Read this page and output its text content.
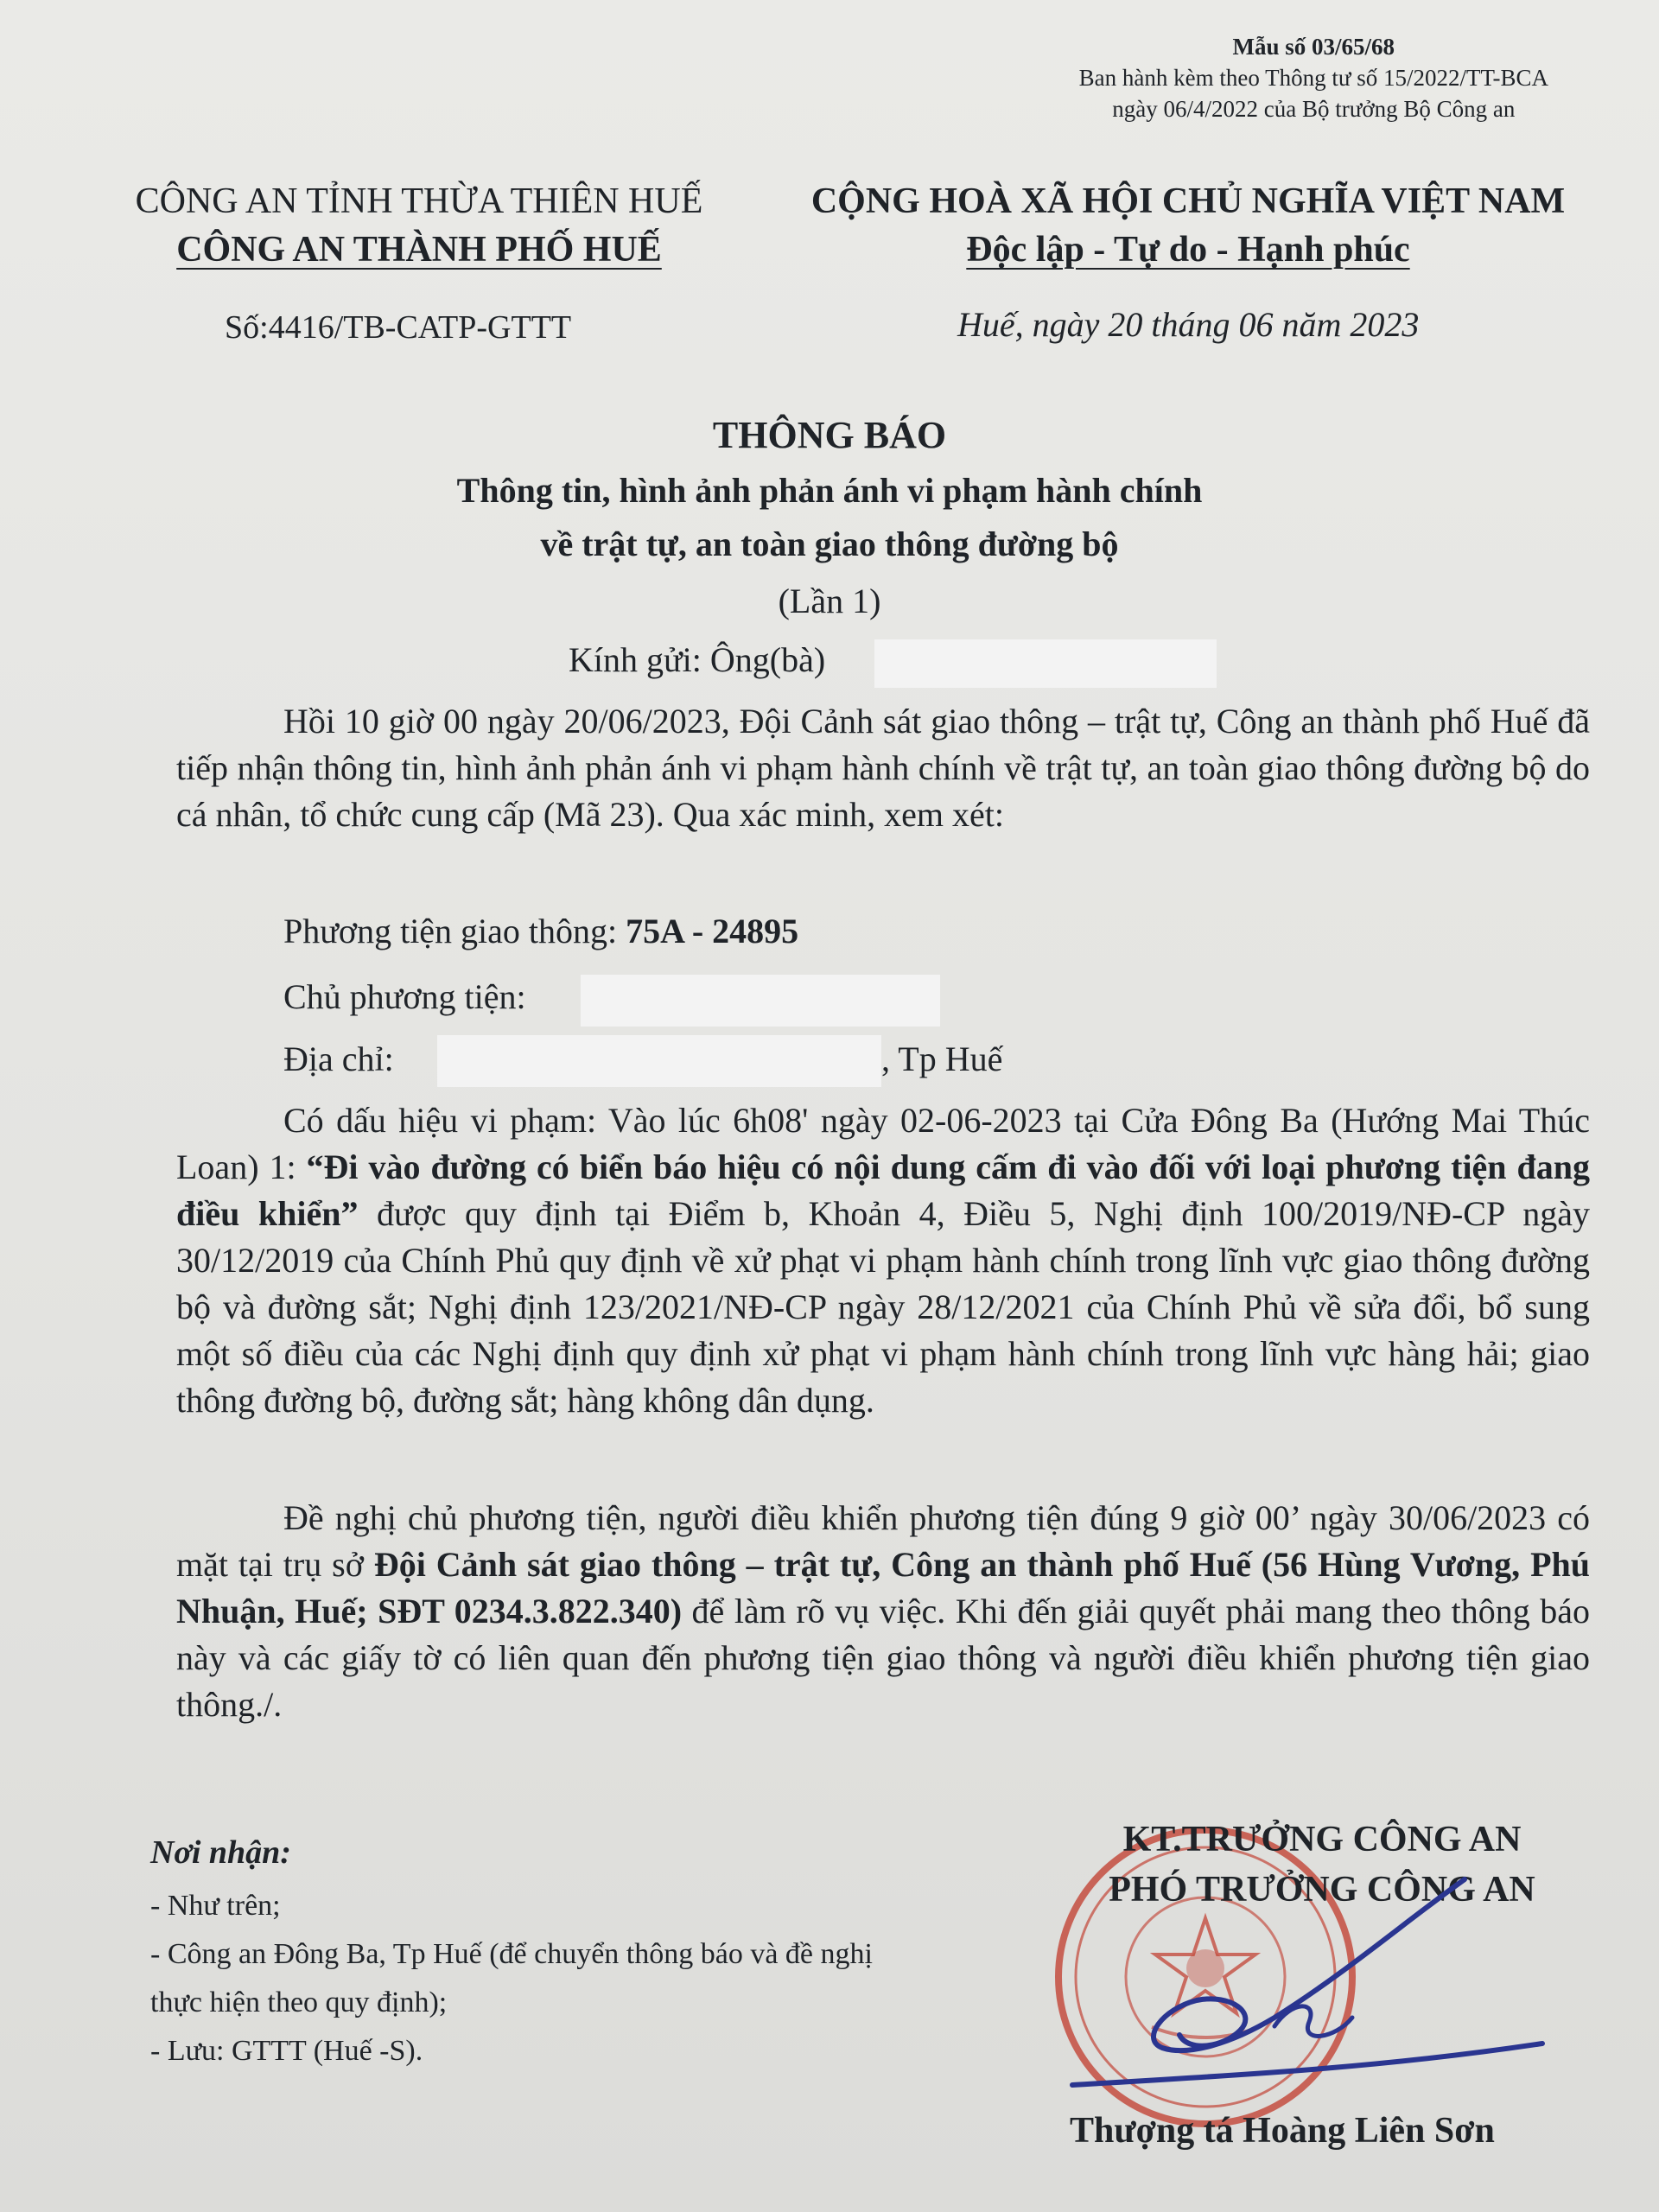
Mẫu số 03/65/68
Ban hành kèm theo Thông tư số 15/2022/TT-BCA
ngày 06/4/2022 của Bộ trưởng Bộ Công an
CÔNG AN TỈNH THỪA THIÊN HUẾ
CÔNG AN THÀNH PHỐ HUẾ
Số:4416/TB-CATP-GTTT
CỘNG HOÀ XÃ HỘI CHỦ NGHĨA VIỆT NAM
Độc lập - Tự do - Hạnh phúc
Huế, ngày 20 tháng 06 năm 2023
THÔNG BÁO
Thông tin, hình ảnh phản ánh vi phạm hành chính
về trật tự, an toàn giao thông đường bộ
(Lần 1)
Kính gửi: Ông(bà)
Hồi 10 giờ 00 ngày 20/06/2023, Đội Cảnh sát giao thông – trật tự, Công an thành phố Huế đã tiếp nhận thông tin, hình ảnh phản ánh vi phạm hành chính về trật tự, an toàn giao thông đường bộ do cá nhân, tổ chức cung cấp (Mã 23). Qua xác minh, xem xét:
Phương tiện giao thông: 75A - 24895
Chủ phương tiện:
Địa chỉ:	, Tp Huế
Có dấu hiệu vi phạm: Vào lúc 6h08' ngày 02-06-2023 tại Cửa Đông Ba (Hướng Mai Thúc Loan) 1: “Đi vào đường có biển báo hiệu có nội dung cấm đi vào đối với loại phương tiện đang điều khiển” được quy định tại Điểm b, Khoản 4, Điều 5, Nghị định 100/2019/NĐ-CP ngày 30/12/2019 của Chính Phủ quy định về xử phạt vi phạm hành chính trong lĩnh vực giao thông đường bộ và đường sắt; Nghị định 123/2021/NĐ-CP ngày 28/12/2021 của Chính Phủ về sửa đổi, bổ sung một số điều của các Nghị định quy định xử phạt vi phạm hành chính trong lĩnh vực hàng hải; giao thông đường bộ, đường sắt; hàng không dân dụng.
Đề nghị chủ phương tiện, người điều khiển phương tiện đúng 9 giờ 00’ ngày 30/06/2023 có mặt tại trụ sở Đội Cảnh sát giao thông – trật tự, Công an thành phố Huế (56 Hùng Vương, Phú Nhuận, Huế; SĐT 0234.3.822.340) để làm rõ vụ việc. Khi đến giải quyết phải mang theo thông báo này và các giấy tờ có liên quan đến phương tiện giao thông và người điều khiển phương tiện giao thông./.
Nơi nhận:
- Như trên;
- Công an Đông Ba, Tp Huế (để chuyển thông báo và đề nghị thực hiện theo quy định);
- Lưu: GTTT (Huế -S).
KT.TRƯỞNG CÔNG AN
PHÓ TRƯỞNG CÔNG AN
Thượng tá Hoàng Liên Sơn
